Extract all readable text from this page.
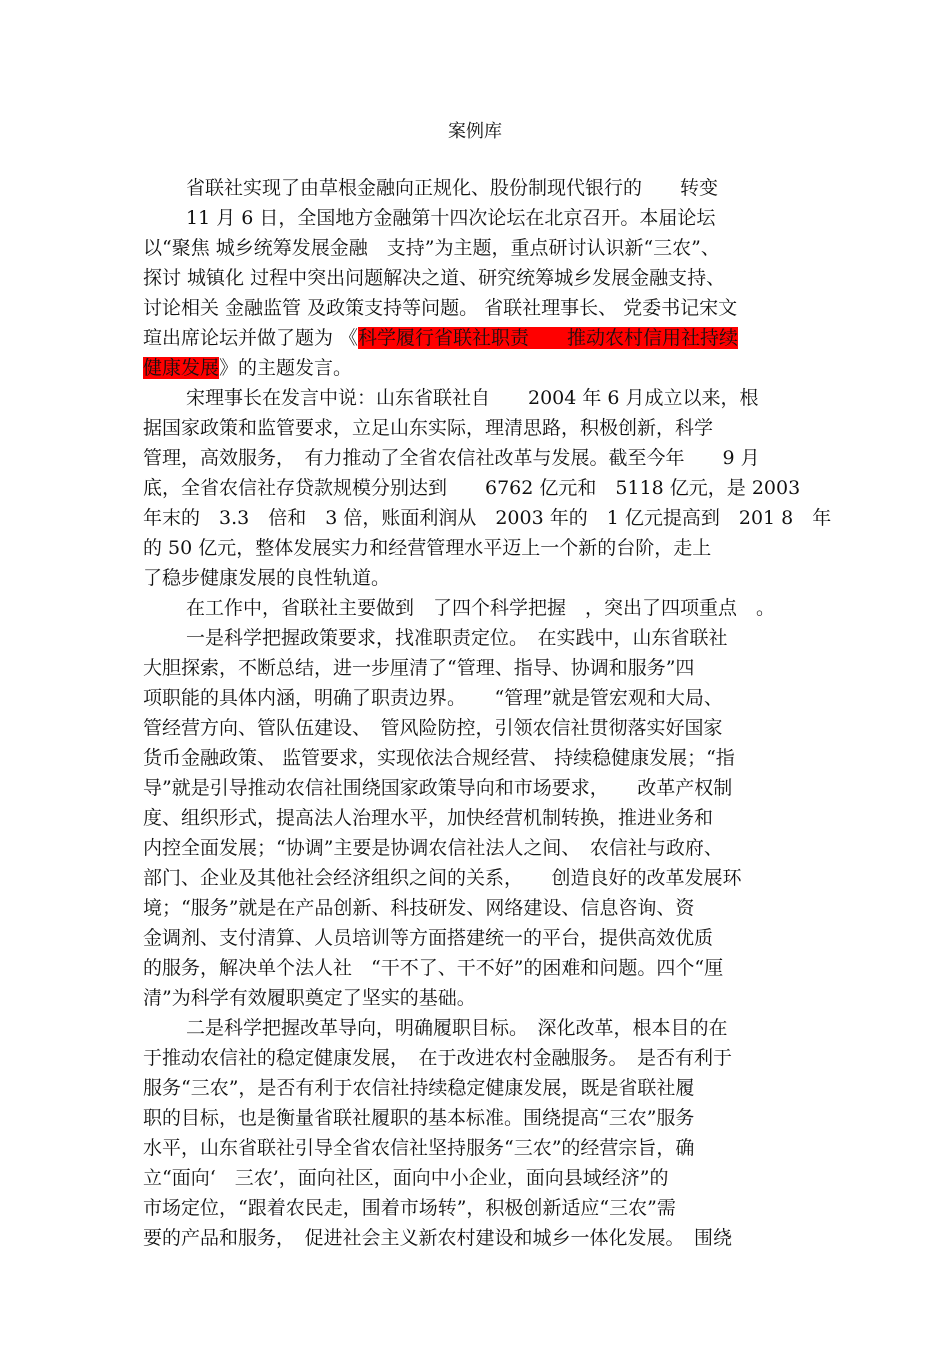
案例库
省联社实现了由草根金融向正规化、股份制现代银行的　　转变
11 月 6 日，全国地方金融第十四次论坛在北京召开。本届论坛
以“聚焦 城乡统筹发展金融　支持”为主题，重点研讨认识新“三农”、
探讨 城镇化 过程中突出问题解决之道、研究统筹城乡发展金融支持、
讨论相关 金融监管 及政策支持等问题。 省联社理事长、 党委书记宋文
瑄出席论坛并做了题为 《科学履行省联社职责　　推动农村信用社持续
健康发展》的主题发言。
宋理事长在发言中说：山东省联社自　　2004 年 6 月成立以来，根
据国家政策和监管要求，立足山东实际，理清思路，积极创新，科学
管理，高效服务，　有力推动了全省农信社改革与发展。截至今年　　9 月
底，全省农信社存贷款规模分别达到　　6762 亿元和　5118 亿元，是 2003
年末的　3.3　倍和　3 倍，账面利润从　2003 年的　1 亿元提高到　201 8　年
的 50 亿元，整体发展实力和经营管理水平迈上一个新的台阶，走上
了稳步健康发展的良性轨道。
在工作中，省联社主要做到　了四个科学把握　，突出了四项重点　。
一是科学把握政策要求，找准职责定位。　在实践中，山东省联社
大胆探索，不断总结，进一步厘清了“管理、指导、协调和服务”四
项职能的具体内涵，明确了职责边界。　　“管理”就是管宏观和大局、
管经营方向、管队伍建设、　管风险防控，引领农信社贯彻落实好国家
货币金融政策、 监管要求，实现依法合规经营、 持续稳健康发展；“指
导”就是引导推动农信社围绕国家政策导向和市场要求，　　改革产权制
度、组织形式，提高法人治理水平，加快经营机制转换，推进业务和
内控全面发展；“协调”主要是协调农信社法人之间、　农信社与政府、
部门、企业及其他社会经济组织之间的关系，　　创造良好的改革发展环
境；“服务”就是在产品创新、科技研发、网络建设、信息咨询、资
金调剂、支付清算、人员培训等方面搭建统一的平台，提供高效优质
的服务，解决单个法人社　“干不了、干不好”的困难和问题。四个“厘
清”为科学有效履职奠定了坚实的基础。
二是科学把握改革导向，明确履职目标。　深化改革，根本目的在
于推动农信社的稳定健康发展，　在于改进农村金融服务。　是否有利于
服务“三农”，是否有利于农信社持续稳定健康发展，既是省联社履
职的目标，也是衡量省联社履职的基本标准。围绕提高“三农”服务
水平，山东省联社引导全省农信社坚持服务“三农”的经营宗旨，确
立“面向‘　三农’，面向社区，面向中小企业，面向县域经济”的
市场定位，“跟着农民走，围着市场转”，积极创新适应“三农”需
要的产品和服务，　促进社会主义新农村建设和城乡一体化发展。　围绕
